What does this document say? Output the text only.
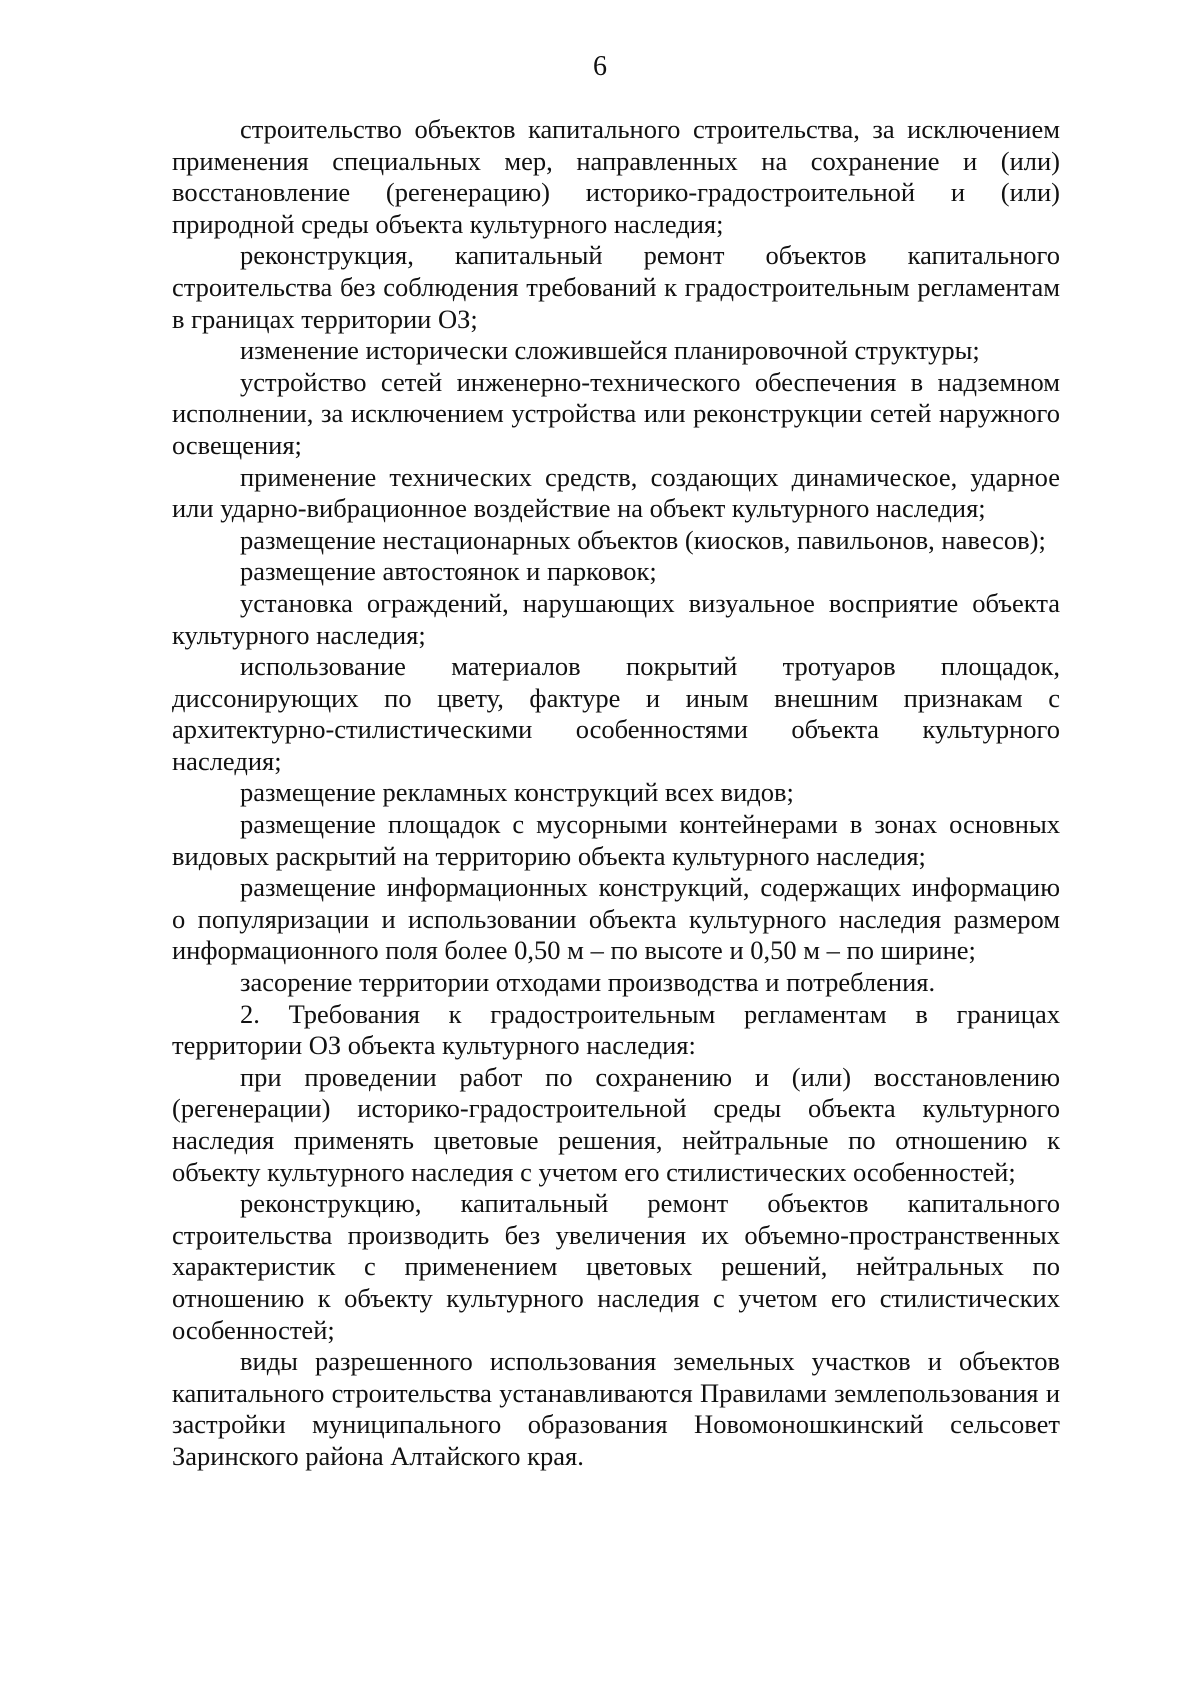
6

строительство объектов капитального строительства, за исключением применения специальных мер, направленных на сохранение и (или) восстановление (регенерацию) историко-градостроительной и (или) природной среды объекта культурного наследия;

реконструкция, капитальный ремонт объектов капитального строительства без соблюдения требований к градостроительным регламентам в границах территории ОЗ;

изменение исторически сложившейся планировочной структуры;

устройство сетей инженерно-технического обеспечения в надземном исполнении, за исключением устройства или реконструкции сетей наружного освещения;

применение технических средств, создающих динамическое, ударное или ударно-вибрационное воздействие на объект культурного наследия;

размещение нестационарных объектов (киосков, павильонов, навесов);

размещение автостоянок и парковок;

установка ограждений, нарушающих визуальное восприятие объекта культурного наследия;

использование материалов покрытий тротуаров площадок, диссонирующих по цвету, фактуре и иным внешним признакам с архитектурно-стилистическими особенностями объекта культурного наследия;

размещение рекламных конструкций всех видов;

размещение площадок с мусорными контейнерами в зонах основных видовых раскрытий на территорию объекта культурного наследия;

размещение информационных конструкций, содержащих информацию о популяризации и использовании объекта культурного наследия размером информационного поля более 0,50 м – по высоте и 0,50 м – по ширине;

засорение территории отходами производства и потребления.

2. Требования к градостроительным регламентам в границах территории ОЗ объекта культурного наследия:

при проведении работ по сохранению и (или) восстановлению (регенерации) историко-градостроительной среды объекта культурного наследия применять цветовые решения, нейтральные по отношению к объекту культурного наследия с учетом его стилистических особенностей;

реконструкцию, капитальный ремонт объектов капитального строительства производить без увеличения их объемно-пространственных характеристик с применением цветовых решений, нейтральных по отношению к объекту культурного наследия с учетом его стилистических особенностей;

виды разрешенного использования земельных участков и объектов капитального строительства устанавливаются Правилами землепользования и застройки муниципального образования Новомоношкинский сельсовет Заринского района Алтайского края.
